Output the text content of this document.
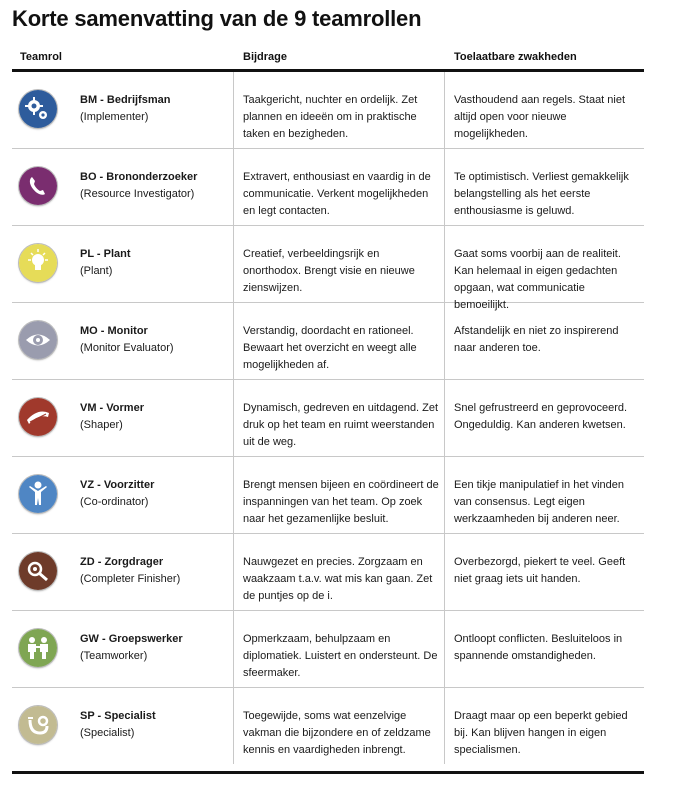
Korte samenvatting van de 9 teamrollen
Teamrol	Bijdrage	Toelaatbare zwakheden
BM - Bedrijfsman
(Implementer)
Taakgericht, nuchter en ordelijk. Zet plannen en ideeën om in praktische taken en bezigheden.
Vasthoudend aan regels. Staat niet altijd open voor nieuwe mogelijkheden.
BO - Brononderzoeker
(Resource Investigator)
Extravert, enthousiast en vaardig in de communicatie. Verkent mogelijkheden en legt contacten.
Te optimistisch. Verliest gemakkelijk belangstelling als het eerste enthousiasme is geluwd.
PL - Plant
(Plant)
Creatief, verbeeldingsrijk en onorthodox. Brengt visie en nieuwe zienswijzen.
Gaat soms voorbij aan de realiteit. Kan helemaal in eigen gedachten opgaan, wat communicatie bemoeilijkt.
MO - Monitor
(Monitor Evaluator)
Verstandig, doordacht en rationeel. Bewaart het overzicht en weegt alle mogelijkheden af.
Afstandelijk en niet zo inspirerend naar anderen toe.
VM - Vormer
(Shaper)
Dynamisch, gedreven en uitdagend. Zet druk op het team en ruimt weerstanden uit de weg.
Snel gefrustreerd en geprovoceerd. Ongeduldig. Kan anderen kwetsen.
VZ - Voorzitter
(Co-ordinator)
Brengt mensen bijeen en coördineert de inspanningen van het team. Op zoek naar het gezamenlijke besluit.
Een tikje manipulatief in het vinden van consensus. Legt eigen werkzaamheden bij anderen neer.
ZD - Zorgdrager
(Completer Finisher)
Nauwgezet en precies. Zorgzaam en waakzaam t.a.v. wat mis kan gaan. Zet de puntjes op de i.
Overbezorgd, piekert te veel. Geeft niet graag iets uit handen.
GW - Groepswerker
(Teamworker)
Opmerkzaam, behulpzaam en diplomatiek. Luistert en ondersteunt. De sfeermaker.
Ontloopt conflicten. Besluiteloos in spannende omstandigheden.
SP - Specialist
(Specialist)
Toegewijde, soms wat eenzelvige vakman die bijzondere en of zeldzame kennis en vaardigheden inbrengt.
Draagt maar op een beperkt gebied bij. Kan blijven hangen in eigen specialismen.
